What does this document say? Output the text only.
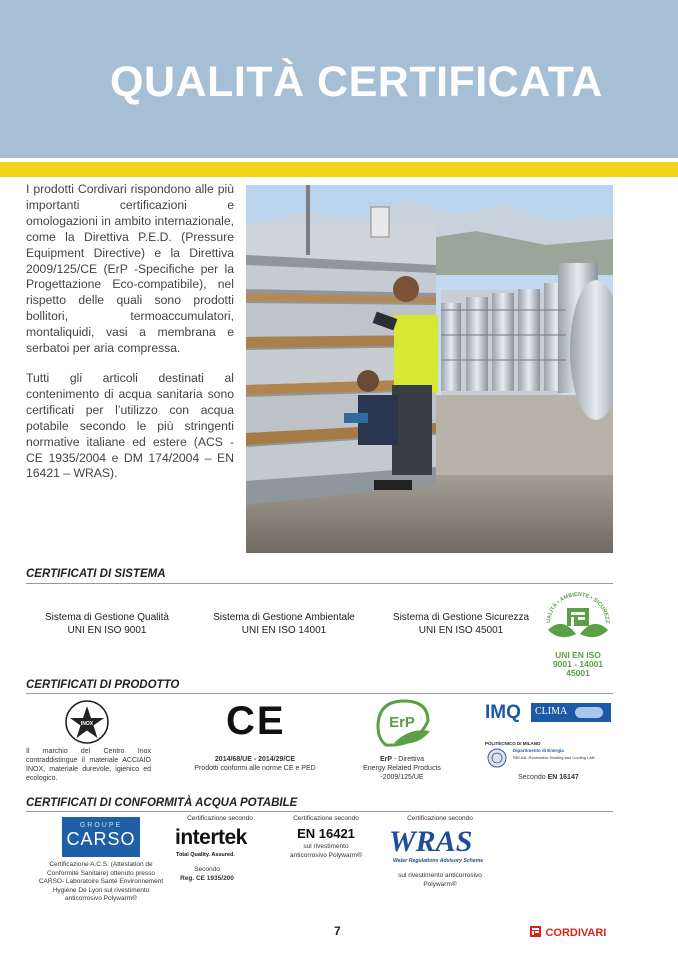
QUALITÀ CERTIFICATA

I prodotti Cordivari rispondono alle più importanti certificazioni e omologazioni in ambito internazionale, come la Direttiva P.E.D. (Pressure Equipment Directive) e la Direttiva 2009/125/CE (ErP -Specifiche per la Progettazione Eco-compatibile), nel rispetto delle quali sono prodotti bollitori, termoaccumulatori, montaliquidi, vasi a membrana e serbatoi per aria compressa.

Tutti gli articoli destinati al contenimento di acqua sanitaria sono certificati per l’utilizzo con acqua potabile secondo le più stringenti normative italiane ed estere (ACS - CE 1935/2004 e DM 174/2004 – EN 16421 – WRAS).

CERTIFICATI DI SISTEMA
Sistema di Gestione Qualità
UNI EN ISO 9001
Sistema di Gestione Ambientale
UNI EN ISO 14001
Sistema di Gestione Sicurezza
UNI EN ISO 45001
UALITÀ • AMBIENTE • SICUREZZ
UNI EN ISO
9001 - 14001
45001
CERTIFICATI DI PRODOTTO
INOX
Il marchio del Centro Inox contraddistingue il materiale ACCIAIO INOX, materiale durevole, igienico ed ecologico.
CE
2014/68/UE - 2014/29/CE
Prodotti conformi alle norme CE e PED
ErP
ErP - Direttiva
Energy Related Products
-2009/125/UE
IMQ CLIMA
POLITECNICO DI MILANO
Dipartimento di Energia
RELAB- Renewable Heating and Cooling LAB
Secondo EN 16147
CERTIFICATI DI CONFORMITÀ ACQUA POTABILE
GROUPE
CARSO
Certificazione A.C.S. (Attestation de Conformité Sanitaire) ottenuto presso CARSO- Laboratoire Santé Environnement Hygiène De Lyon sul rivestimento anticorrosivo Polywarm®
Certificazione secondo
intertek
Total Quality. Assured.
Secondo
Reg. CE 1935/200
Certificazione secondo
EN 16421
sul rivestimento
anticorrosivo Polywarm®
Certificazione secondo
WRAS
Water Regulations Advisory Scheme
sul rivestimento anticorrosivo
Polywarm®
7	CORDIVARI
